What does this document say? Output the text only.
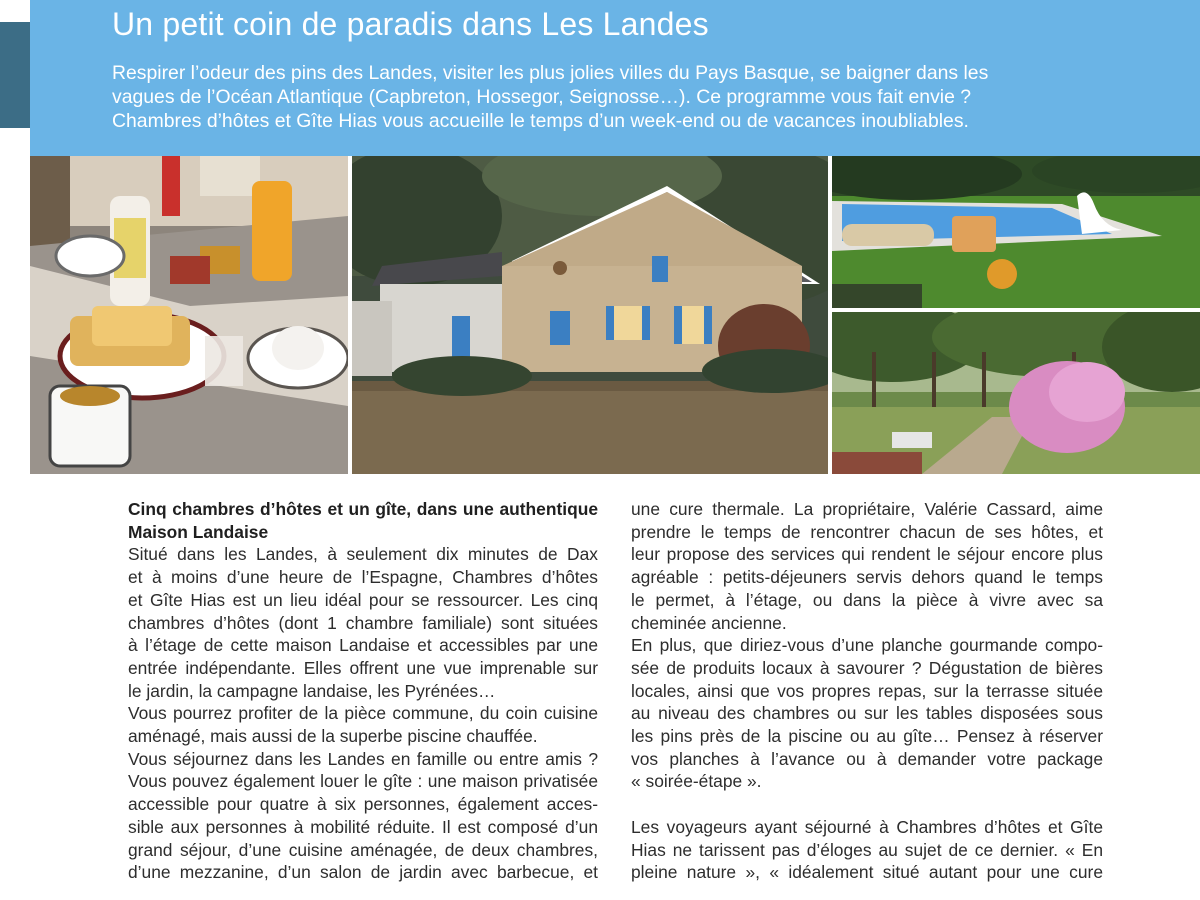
Un petit coin de paradis dans Les Landes

Respirer l’odeur des pins des Landes, visiter les plus jolies villes du Pays Basque, se baigner dans les
vagues de l’Océan Atlantique (Capbreton, Hossegor, Seignosse…). Ce programme vous fait envie ?
Chambres d’hôtes et Gîte Hias vous accueille le temps d’un week-end ou de vacances inoubliables.

Cinq chambres d’hôtes et un gîte, dans une authentique
Maison Landaise

Situé dans les Landes, à seulement dix minutes de Dax
et à moins d’une heure de l’Espagne, Chambres d’hôtes
et Gîte Hias est un lieu idéal pour se ressourcer. Les cinq
chambres d’hôtes (dont 1 chambre familiale) sont situées
à l’étage de cette maison Landaise et accessibles par une
entrée indépendante. Elles offrent une vue imprenable sur
le jardin, la campagne landaise, les Pyrénées…
Vous pourrez profiter de la pièce commune, du coin cuisine
aménagé, mais aussi de la superbe piscine chauffée.
Vous séjournez dans les Landes en famille ou entre amis ?
Vous pouvez également louer le gîte : une maison privatisée
accessible pour quatre à six personnes, également acces-
sible aux personnes à mobilité réduite. Il est composé d’un
grand séjour, d’une cuisine aménagée, de deux chambres,
d’une mezzanine, d’un salon de jardin avec barbecue, et

une cure thermale. La propriétaire, Valérie Cassard, aime
prendre le temps de rencontrer chacun de ses hôtes, et
leur propose des services qui rendent le séjour encore plus
agréable : petits-déjeuners servis dehors quand le temps
le permet, à l’étage, ou dans la pièce à vivre avec sa
cheminée ancienne.
En plus, que diriez-vous d’une planche gourmande compo-
sée de produits locaux à savourer ? Dégustation de bières
locales, ainsi que vos propres repas, sur la terrasse située
au niveau des chambres ou sur les tables disposées sous
les pins près de la piscine ou au gîte… Pensez à réserver
vos planches à l’avance ou à demander votre package
« soirée-étape ».
Les voyageurs ayant séjourné à Chambres d’hôtes et Gîte
Hias ne tarissent pas d’éloges au sujet de ce dernier. « En
pleine nature », « idéalement situé autant pour une cure
